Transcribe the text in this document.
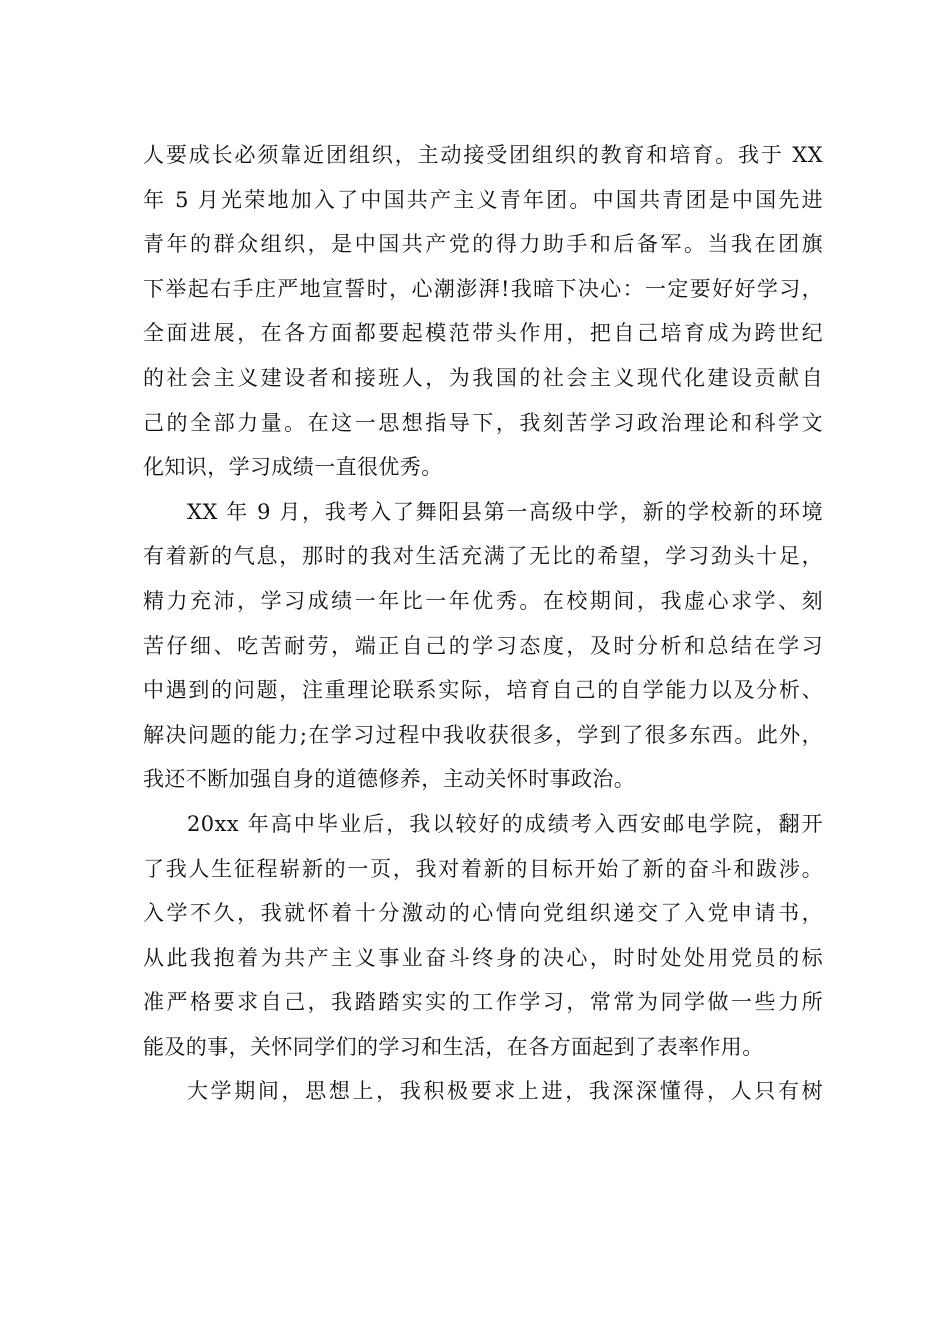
人要成长必须靠近团组织，主动接受团组织的教育和培育。我于 XX
年 5 月光荣地加入了中国共产主义青年团。中国共青团是中国先进
青年的群众组织，是中国共产党的得力助手和后备军。当我在团旗
下举起右手庄严地宣誓时，心潮澎湃!我暗下决心：一定要好好学习，
全面进展，在各方面都要起模范带头作用，把自己培育成为跨世纪
的社会主义建设者和接班人，为我国的社会主义现代化建设贡献自
己的全部力量。在这一思想指导下，我刻苦学习政治理论和科学文
化知识，学习成绩一直很优秀。
XX 年 9 月，我考入了舞阳县第一高级中学，新的学校新的环境
有着新的气息，那时的我对生活充满了无比的希望，学习劲头十足，
精力充沛，学习成绩一年比一年优秀。在校期间，我虚心求学、刻
苦仔细、吃苦耐劳，端正自己的学习态度，及时分析和总结在学习
中遇到的问题，注重理论联系实际，培育自己的自学能力以及分析、
解决问题的能力;在学习过程中我收获很多，学到了很多东西。此外，
我还不断加强自身的道德修养，主动关怀时事政治。
20xx 年高中毕业后，我以较好的成绩考入西安邮电学院，翻开
了我人生征程崭新的一页，我对着新的目标开始了新的奋斗和跋涉。
入学不久，我就怀着十分激动的心情向党组织递交了入党申请书，
从此我抱着为共产主义事业奋斗终身的决心，时时处处用党员的标
准严格要求自己，我踏踏实实的工作学习，常常为同学做一些力所
能及的事，关怀同学们的学习和生活，在各方面起到了表率作用。
大学期间，思想上，我积极要求上进，我深深懂得，人只有树
